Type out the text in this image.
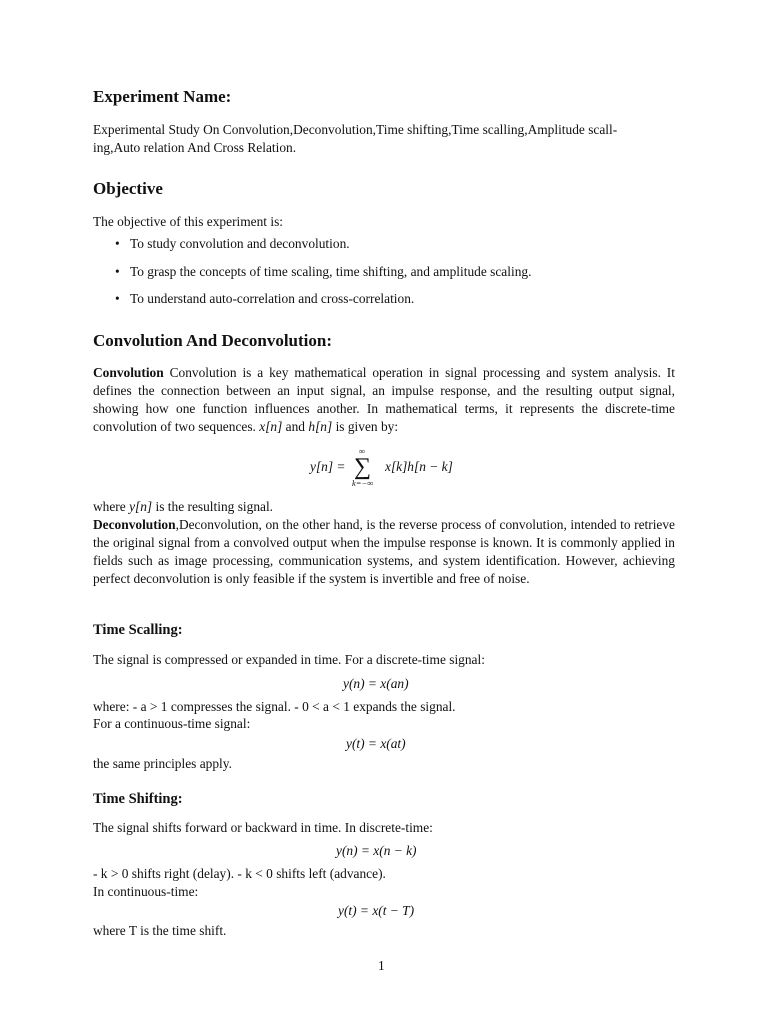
Experiment Name:
Experimental Study On Convolution,Deconvolution,Time shifting,Time scalling,Amplitude scall-
ing,Auto relation And Cross Relation.
Objective
The objective of this experiment is:
• To study convolution and deconvolution.
• To grasp the concepts of time scaling, time shifting, and amplitude scaling.
• To understand auto-correlation and cross-correlation.
Convolution And Deconvolution:
Convolution Convolution is a key mathematical operation in signal processing and system analysis. It defines the connection between an input signal, an impulse response, and the resulting output signal, showing how one function influences another. In mathematical terms, it represents the discrete-time convolution of two sequences. x[n] and h[n] is given by:
y[n] =
∞
∑
k=−∞
x[k]h[n − k]
where y[n] is the resulting signal.
Deconvolution,Deconvolution, on the other hand, is the reverse process of convolution, intended to retrieve the original signal from a convolved output when the impulse response is known. It is commonly applied in fields such as image processing, communication systems, and system identification. However, achieving perfect deconvolution is only feasible if the system is invertible and free of noise.
Time Scalling:
The signal is compressed or expanded in time. For a discrete-time signal:
y(n) = x(an)
where: - a > 1 compresses the signal. - 0 < a < 1 expands the signal.
For a continuous-time signal:
y(t) = x(at)
the same principles apply.
Time Shifting:
The signal shifts forward or backward in time. In discrete-time:
y(n) = x(n − k)
- k > 0 shifts right (delay). - k < 0 shifts left (advance).
In continuous-time:
y(t) = x(t − T)
where T is the time shift.
1
